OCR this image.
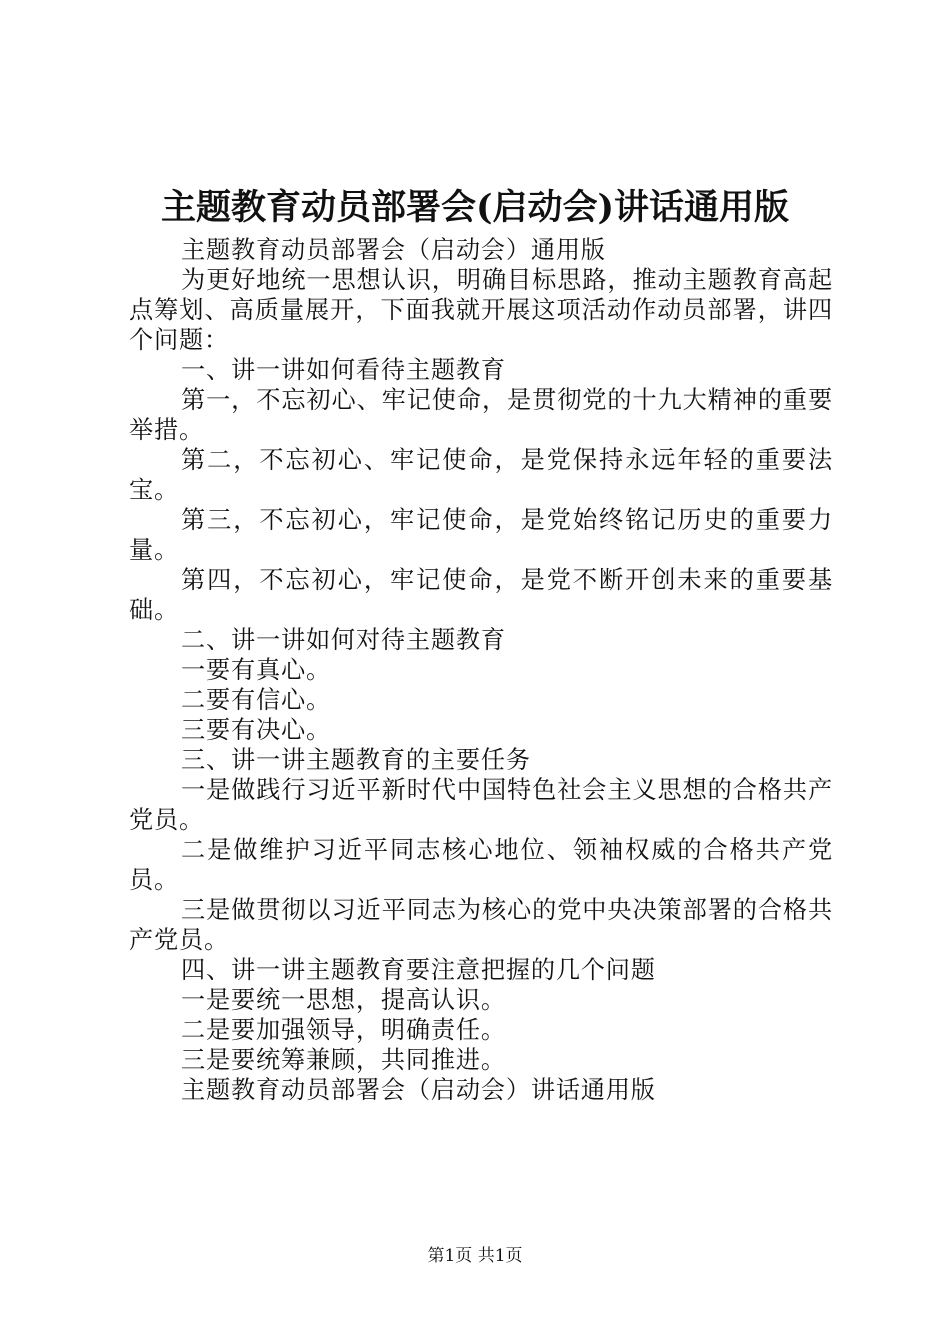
主题教育动员部署会(启动会)讲话通用版

主题教育动员部署会（启动会）通用版

为更好地统一思想认识，明确目标思路，推动主题教育高起点筹划、高质量展开，下面我就开展这项活动作动员部署，讲四个问题：

一、讲一讲如何看待主题教育

第一，不忘初心、牢记使命，是贯彻党的十九大精神的重要举措。

第二，不忘初心、牢记使命，是党保持永远年轻的重要法宝。

第三，不忘初心，牢记使命，是党始终铭记历史的重要力量。

第四，不忘初心，牢记使命，是党不断开创未来的重要基础。

二、讲一讲如何对待主题教育

一要有真心。

二要有信心。

三要有决心。

三、讲一讲主题教育的主要任务

一是做践行习近平新时代中国特色社会主义思想的合格共产党员。

二是做维护习近平同志核心地位、领袖权威的合格共产党员。

三是做贯彻以习近平同志为核心的党中央决策部署的合格共产党员。

四、讲一讲主题教育要注意把握的几个问题

一是要统一思想，提高认识。

二是要加强领导，明确责任。

三是要统筹兼顾，共同推进。

主题教育动员部署会（启动会）讲话通用版

第1页 共1页
